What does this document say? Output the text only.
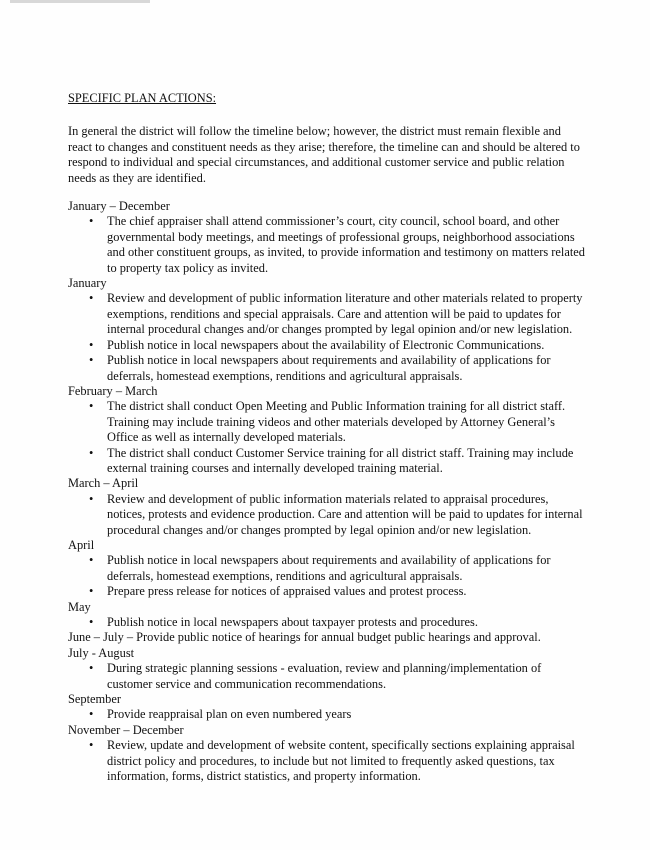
SPECIFIC PLAN ACTIONS:
In general the district will follow the timeline below; however, the district must remain flexible and react to changes and constituent needs as they arise; therefore, the timeline can and should be altered to respond to individual and special circumstances, and additional customer service and public relation needs as they are identified.
January – December
• The chief appraiser shall attend commissioner’s court, city council, school board, and other governmental body meetings, and meetings of professional groups, neighborhood associations and other constituent groups, as invited, to provide information and testimony on matters related to property tax policy as invited.
January
• Review and development of public information literature and other materials related to property exemptions, renditions and special appraisals. Care and attention will be paid to updates for internal procedural changes and/or changes prompted by legal opinion and/or new legislation.
• Publish notice in local newspapers about the availability of Electronic Communications.
• Publish notice in local newspapers about requirements and availability of applications for deferrals, homestead exemptions, renditions and agricultural appraisals.
February – March
• The district shall conduct Open Meeting and Public Information training for all district staff. Training may include training videos and other materials developed by Attorney General’s Office as well as internally developed materials.
• The district shall conduct Customer Service training for all district staff. Training may include external training courses and internally developed training material.
March – April
• Review and development of public information materials related to appraisal procedures, notices, protests and evidence production. Care and attention will be paid to updates for internal procedural changes and/or changes prompted by legal opinion and/or new legislation.
April
• Publish notice in local newspapers about requirements and availability of applications for deferrals, homestead exemptions, renditions and agricultural appraisals.
• Prepare press release for notices of appraised values and protest process.
May
• Publish notice in local newspapers about taxpayer protests and procedures.
June – July – Provide public notice of hearings for annual budget public hearings and approval.
July - August
• During strategic planning sessions - evaluation, review and planning/implementation of customer service and communication recommendations.
September
• Provide reappraisal plan on even numbered years
November – December
• Review, update and development of website content, specifically sections explaining appraisal district policy and procedures, to include but not limited to frequently asked questions, tax information, forms, district statistics, and property information.
